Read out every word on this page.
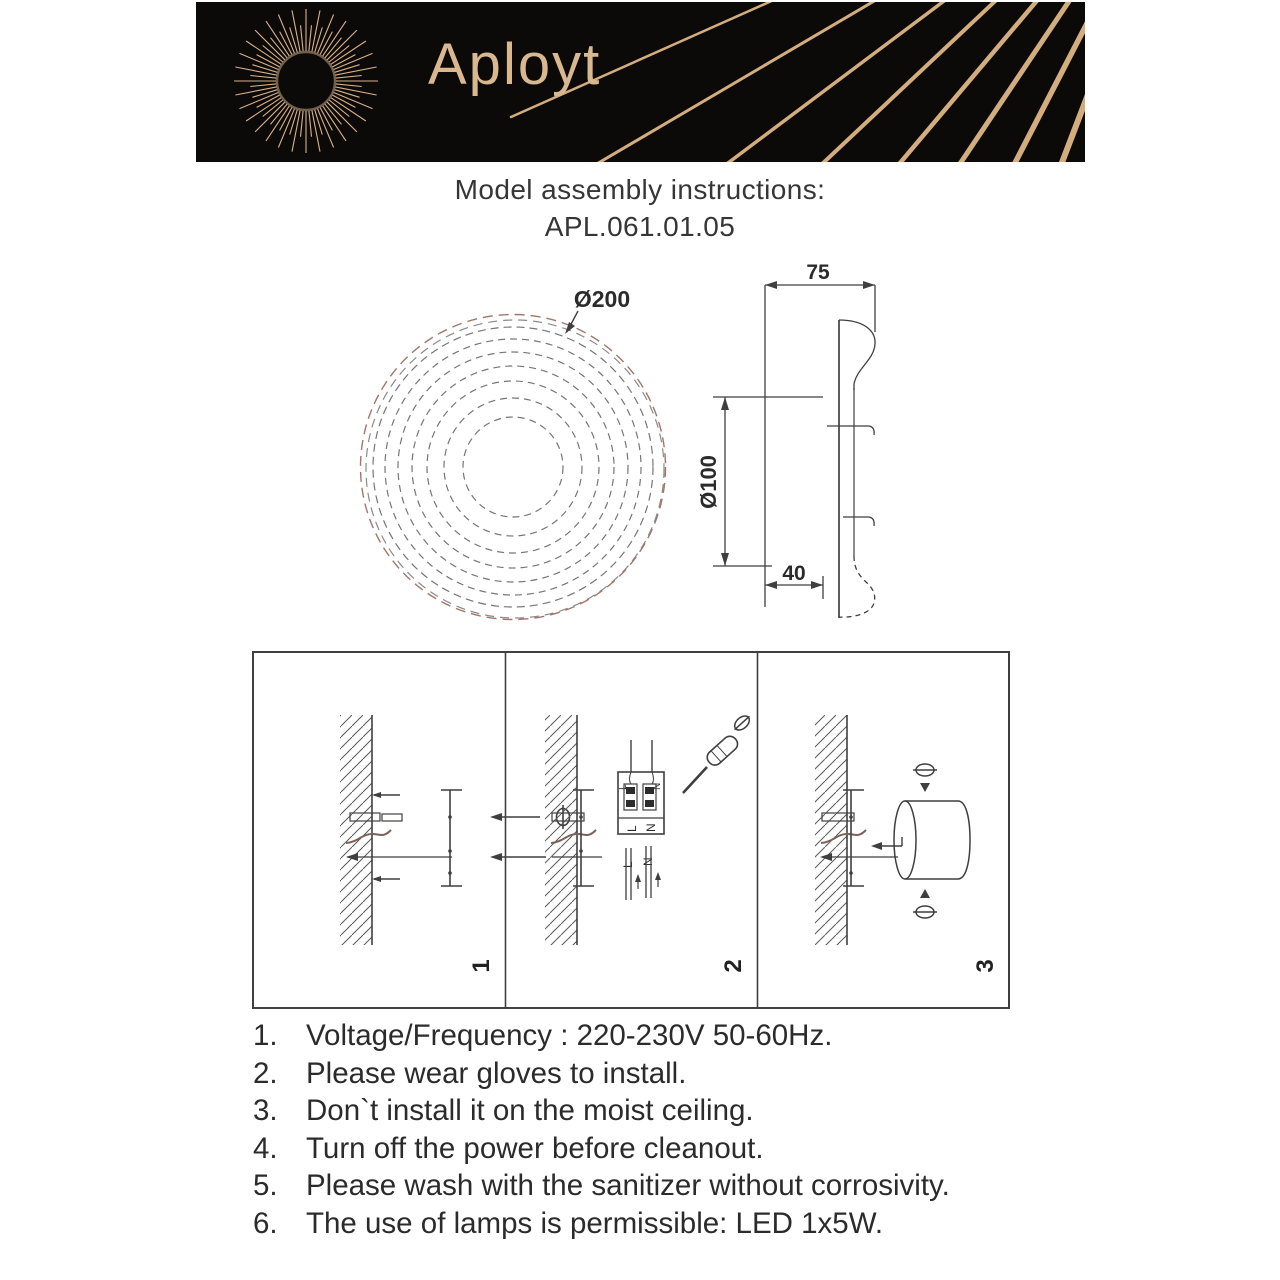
Aployt
Model assembly instructions:
APL.061.01.05
Ø200
Ø100
40
75
1
L N
L N
L N
2	3
1. Voltage/Frequency : 220-230V 50-60Hz.
2. Please wear gloves to install.
3. Don`t install it on the moist ceiling.
4. Turn off the power before cleanout.
5. Please wash with the sanitizer without corrosivity.
6. The use of lamps is permissible: LED 1x5W.
